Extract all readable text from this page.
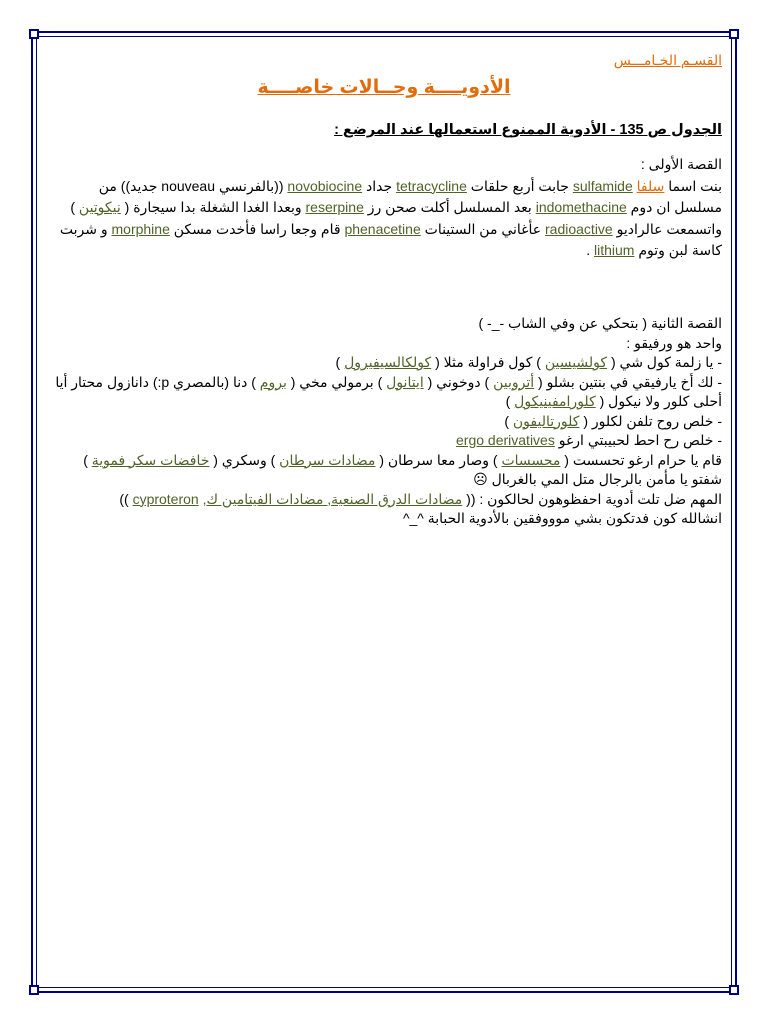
القسـم الخـامـــس
الأدويــــة وحــالات خاصــــة
الجدول ص 135 - الأدوية الممنوع استعمالها عند المرضع :
القصة الأولى :
بنت اسما سلفا sulfamide جابت أربع حلقات tetracycline جداد novobiocine ((بالفرنسي nouveau جديد)) من
مسلسل ان دوم indomethacine بعد المسلسل أكلت صحن رز reserpine وبعدا الغدا الشغلة بدا سيجارة ( نيكوتين )
واتسمعت عالراديو radioactive عأغاني من الستينات phenacetine قام وجعا راسا فأخدت مسكن morphine و شربت
كاسة لبن وتوم lithium .
القصة الثانية ( بتحكي عن وفي الشاب -_- )
واحد هو ورفيقو :
- يا زلمة كول شي ( كولشيسين ) كول فراولة مثلا ( كولكالسيفيرول )
- لك أخ يارفيقي في بنتين بشلو ( أتروبين ) دوخوني ( ايتانول ) برمولي مخي ( بروم ) دنا (بالمصري p:) دانازول محتار أيا
أحلى كلور ولا نيكول ( كلورامفينيكول )
- خلص روح تلفن لكلور ( كلورتاليفون )
- خلص رح احط لحبيبتي ارغو ergo derivatives
قام يا حرام ارغو تحسست ( محسسات ) وصار معا سرطان ( مضادات سرطان ) وسكري ( خافضات سكر فموية )
شفتو يا مأمن بالرجال متل المي بالغربال ☹
المهم ضل تلت أدوية احفظوهون لحالكون : (( مضادات الدرق الصنعية, مضادات الفيتامين ك, cyproteron ))
انشالله كون فدتكون بشي موووفقين بالأدوية الحبابة ^_^
